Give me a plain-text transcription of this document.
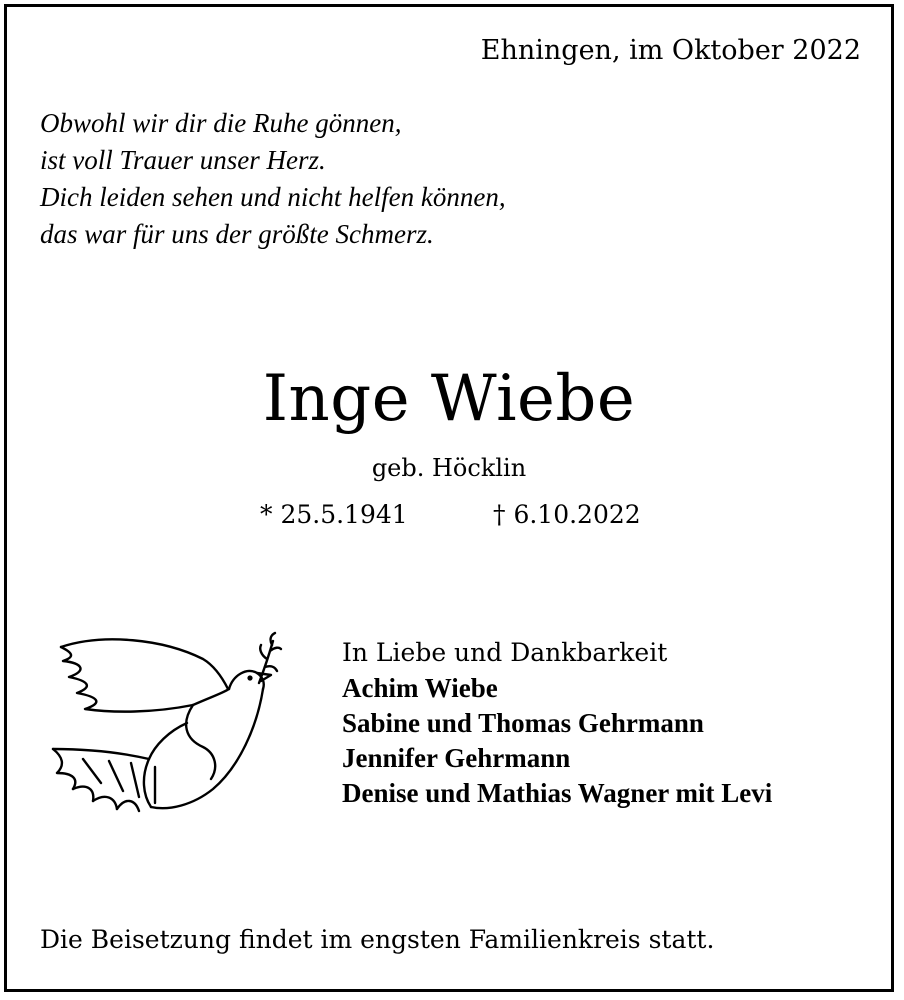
Ehningen, im Oktober 2022
Obwohl wir dir die Ruhe gönnen,
ist voll Trauer unser Herz.
Dich leiden sehen und nicht helfen können,
das war für uns der größte Schmerz.
Inge Wiebe
geb. Höcklin
* 25.5.1941	† 6.10.2022
In Liebe und Dankbarkeit
Achim Wiebe
Sabine und Thomas Gehrmann
Jennifer Gehrmann
Denise und Mathias Wagner mit Levi
Die Beisetzung findet im engsten Familienkreis statt.
